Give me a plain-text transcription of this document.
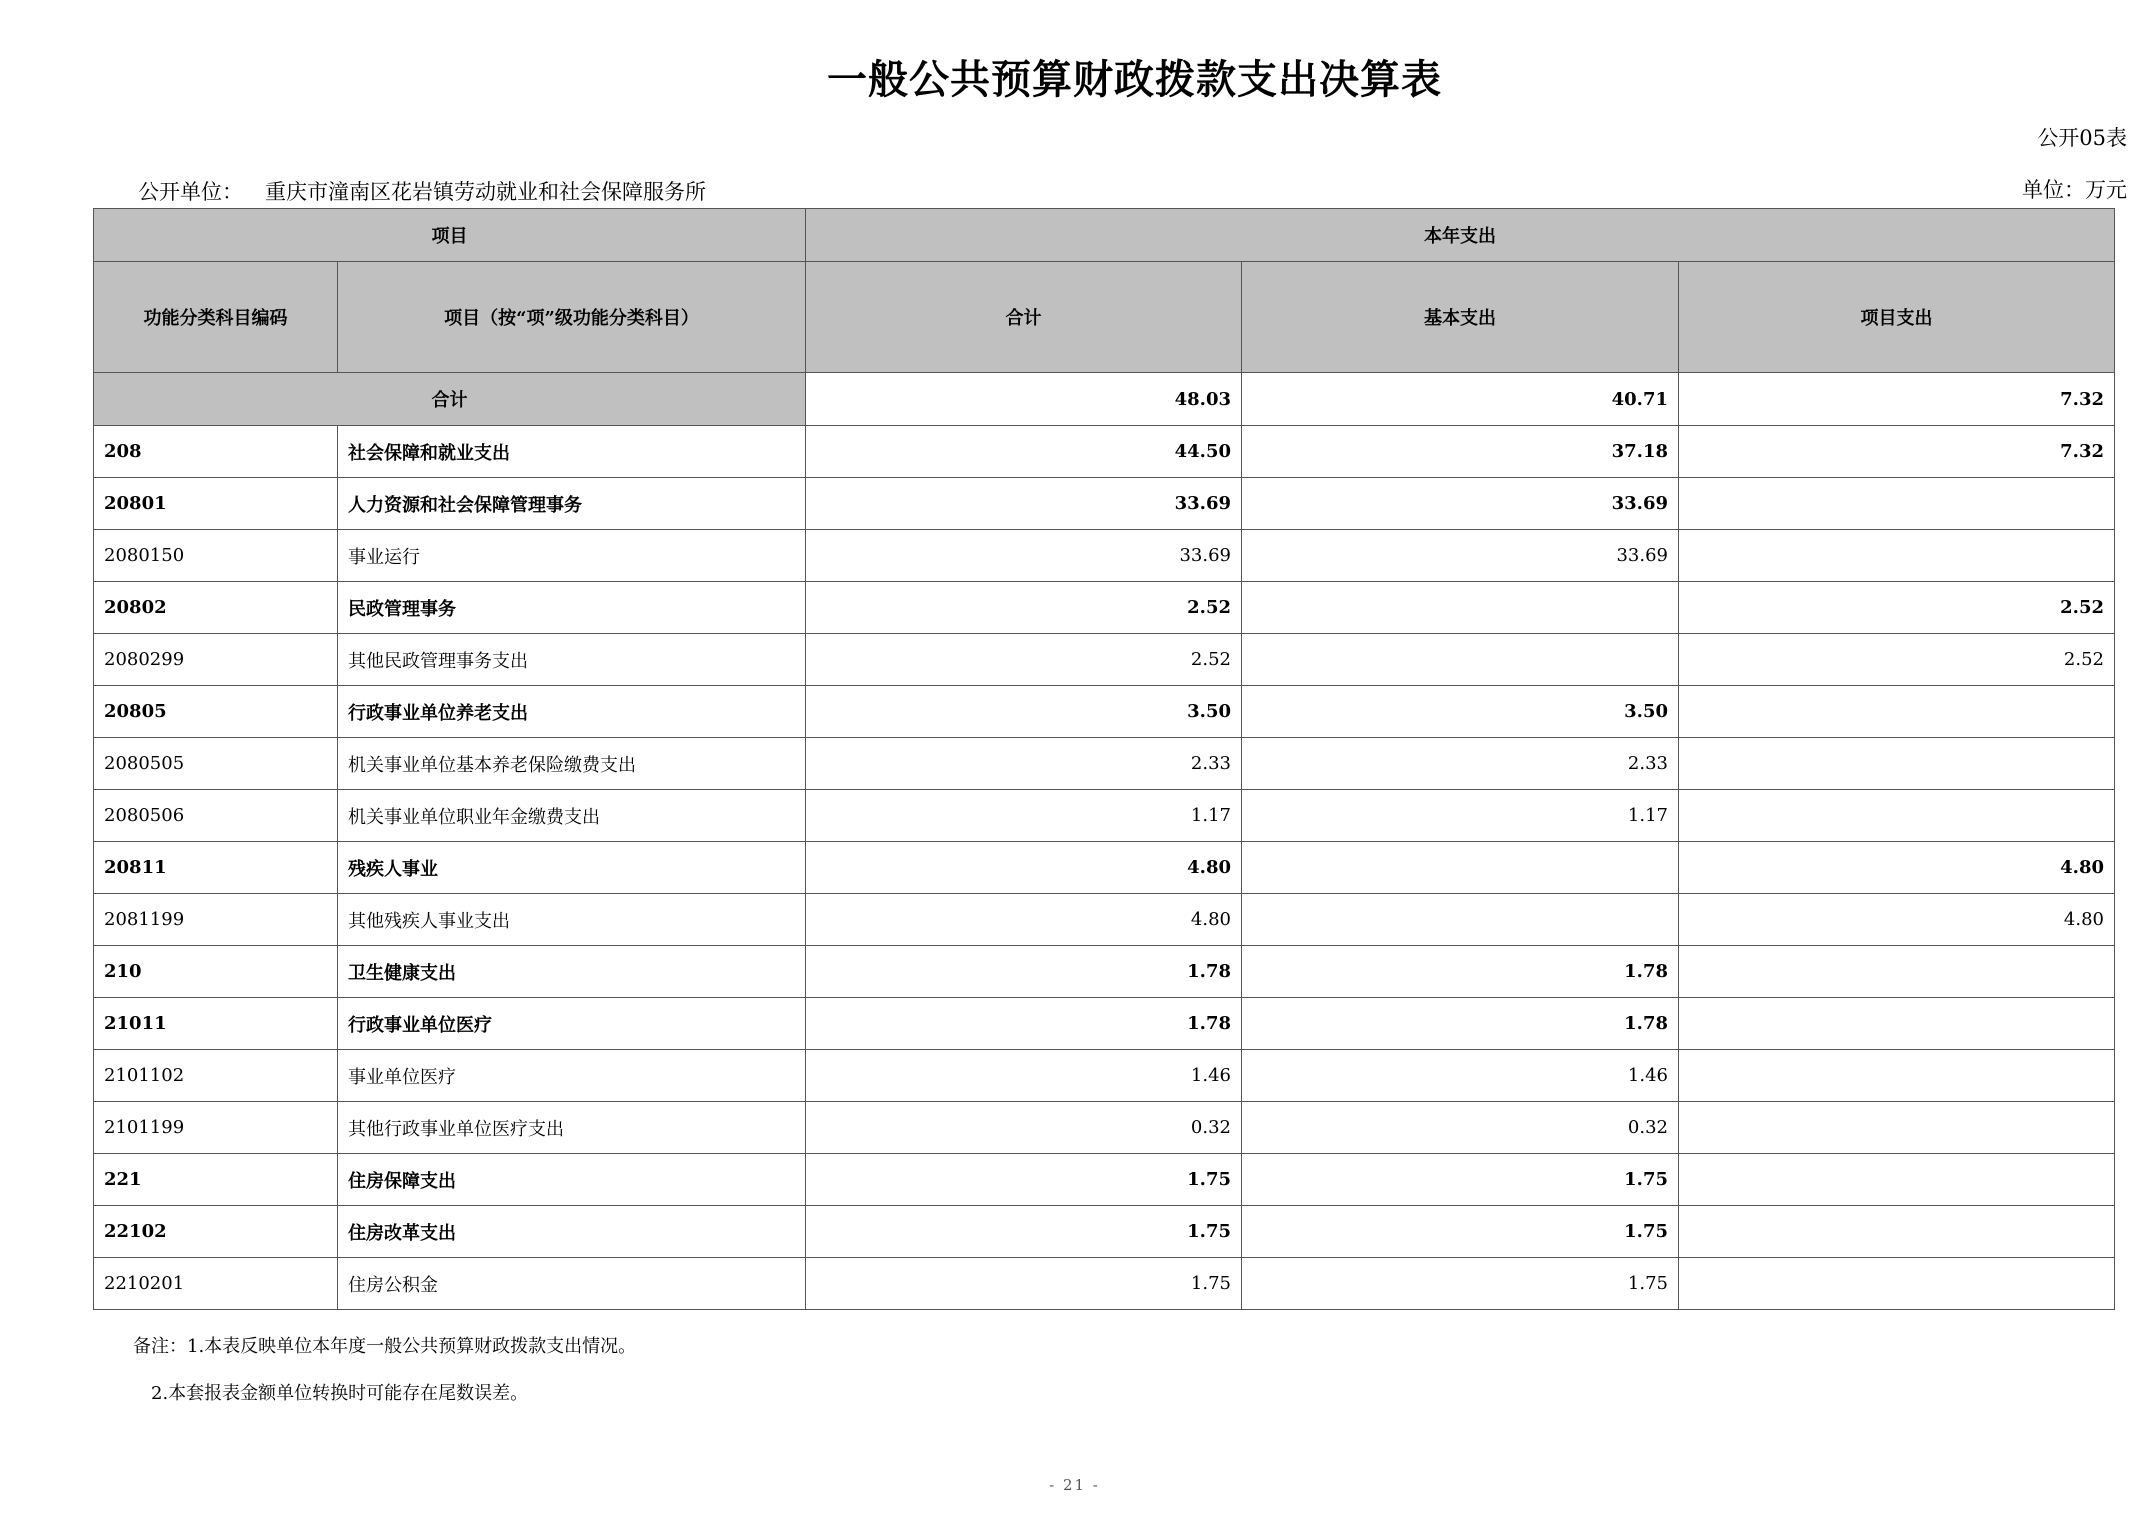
一般公共预算财政拨款支出决算表
公开05表
公开单位： 重庆市潼南区花岩镇劳动就业和社会保障服务所	单位：万元
项目		本年支出		
功能分类科目编码	项目（按“项”级功能分类科目）	合计	基本支出	项目支出
合计		48.03	40.71	7.32
208	社会保障和就业支出	44.50	37.18	7.32
20801	人力资源和社会保障管理事务	33.69	33.69	
2080150	事业运行	33.69	33.69	
20802	民政管理事务	2.52		2.52
2080299	其他民政管理事务支出	2.52		2.52
20805	行政事业单位养老支出	3.50	3.50	
2080505	机关事业单位基本养老保险缴费支出	2.33	2.33	
2080506	机关事业单位职业年金缴费支出	1.17	1.17	
20811	残疾人事业	4.80		4.80
2081199	其他残疾人事业支出	4.80		4.80
210	卫生健康支出	1.78	1.78	
21011	行政事业单位医疗	1.78	1.78	
2101102	事业单位医疗	1.46	1.46	
2101199	其他行政事业单位医疗支出	0.32	0.32	
221	住房保障支出	1.75	1.75	
22102	住房改革支出	1.75	1.75	
2210201	住房公积金	1.75	1.75	
备注：1.本表反映单位本年度一般公共预算财政拨款支出情况。
2.本套报表金额单位转换时可能存在尾数误差。
- 21 -
